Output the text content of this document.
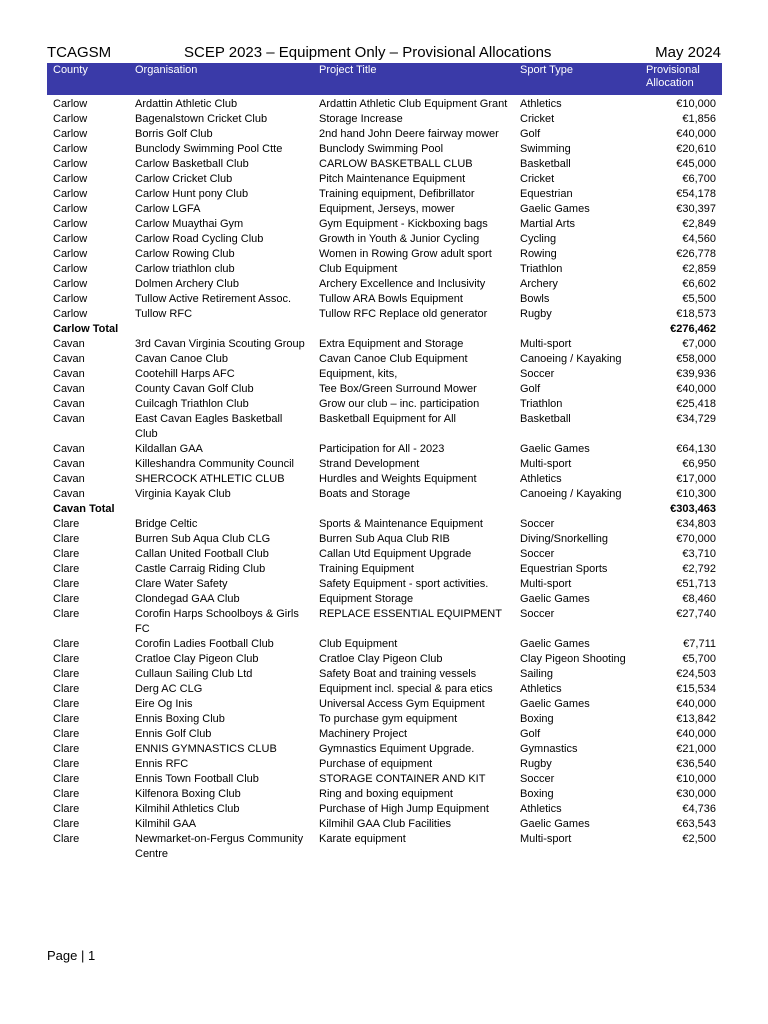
TCAGSM	SCEP 2023 – Equipment Only – Provisional Allocations	May 2024
County	Organisation	Project Title	Sport Type	Provisional Allocation
Carlow	Ardattin Athletic Club	Ardattin Athletic Club Equipment Grant	Athletics	€10,000
Carlow	Bagenalstown Cricket Club	Storage Increase	Cricket	€1,856
Carlow	Borris Golf Club	2nd hand John Deere fairway mower	Golf	€40,000
Carlow	Bunclody Swimming Pool Ctte	Bunclody Swimming Pool	Swimming	€20,610
Carlow	Carlow Basketball Club	CARLOW BASKETBALL CLUB	Basketball	€45,000
Carlow	Carlow Cricket Club	Pitch Maintenance Equipment	Cricket	€6,700
Carlow	Carlow Hunt pony Club	Training equipment, Defibrillator	Equestrian	€54,178
Carlow	Carlow LGFA	Equipment, Jerseys, mower	Gaelic Games	€30,397
Carlow	Carlow Muaythai Gym	Gym Equipment - Kickboxing bags	Martial Arts	€2,849
Carlow	Carlow Road Cycling Club	Growth in Youth & Junior Cycling	Cycling	€4,560
Carlow	Carlow Rowing Club	Women in Rowing Grow adult sport	Rowing	€26,778
Carlow	Carlow triathlon club	Club Equipment	Triathlon	€2,859
Carlow	Dolmen Archery Club	Archery Excellence and Inclusivity	Archery	€6,602
Carlow	Tullow Active Retirement Assoc.	Tullow ARA Bowls Equipment	Bowls	€5,500
Carlow	Tullow RFC	Tullow RFC Replace old generator	Rugby	€18,573
Carlow Total				€276,462
Cavan	3rd Cavan Virginia Scouting Group	Extra Equipment and Storage	Multi-sport	€7,000
Cavan	Cavan Canoe Club	Cavan Canoe Club Equipment	Canoeing / Kayaking	€58,000
Cavan	Cootehill Harps AFC	Equipment, kits,	Soccer	€39,936
Cavan	County Cavan Golf Club	Tee Box/Green Surround Mower	Golf	€40,000
Cavan	Cuilcagh Triathlon Club	Grow our club – inc. participation	Triathlon	€25,418
Cavan	East Cavan Eagles Basketball Club	Basketball Equipment for All	Basketball	€34,729
Cavan	Kildallan GAA	Participation for All - 2023	Gaelic Games	€64,130
Cavan	Killeshandra Community Council	Strand Development	Multi-sport	€6,950
Cavan	SHERCOCK ATHLETIC CLUB	Hurdles and Weights Equipment	Athletics	€17,000
Cavan	Virginia Kayak Club	Boats and Storage	Canoeing / Kayaking	€10,300
Cavan Total				€303,463
Clare	Bridge Celtic	Sports & Maintenance Equipment	Soccer	€34,803
Clare	Burren Sub Aqua Club CLG	Burren Sub Aqua Club RIB	Diving/Snorkelling	€70,000
Clare	Callan United Football Club	Callan Utd Equipment Upgrade	Soccer	€3,710
Clare	Castle Carraig Riding Club	Training Equipment	Equestrian Sports	€2,792
Clare	Clare Water Safety	Safety Equipment - sport activities.	Multi-sport	€51,713
Clare	Clondegad GAA Club	Equipment Storage	Gaelic Games	€8,460
Clare	Corofin Harps Schoolboys & Girls FC	REPLACE ESSENTIAL EQUIPMENT	Soccer	€27,740
Clare	Corofin Ladies Football Club	Club Equipment	Gaelic Games	€7,711
Clare	Cratloe Clay Pigeon Club	Cratloe Clay Pigeon Club	Clay Pigeon Shooting	€5,700
Clare	Cullaun Sailing Club Ltd	Safety Boat and training vessels	Sailing	€24,503
Clare	Derg AC CLG	Equipment incl. special & para etics	Athletics	€15,534
Clare	Eire Og Inis	Universal Access Gym Equipment	Gaelic Games	€40,000
Clare	Ennis Boxing Club	To purchase gym equipment	Boxing	€13,842
Clare	Ennis Golf Club	Machinery Project	Golf	€40,000
Clare	ENNIS GYMNASTICS CLUB	Gymnastics Equiment Upgrade.	Gymnastics	€21,000
Clare	Ennis RFC	Purchase of equipment	Rugby	€36,540
Clare	Ennis Town Football Club	STORAGE CONTAINER AND KIT	Soccer	€10,000
Clare	Kilfenora Boxing Club	Ring and boxing equipment	Boxing	€30,000
Clare	Kilmihil Athletics Club	Purchase of High Jump Equipment	Athletics	€4,736
Clare	Kilmihil GAA	Kilmihil GAA Club Facilities	Gaelic Games	€63,543
Clare	Newmarket-on-Fergus Community Centre	Karate equipment	Multi-sport	€2,500
Page | 1
